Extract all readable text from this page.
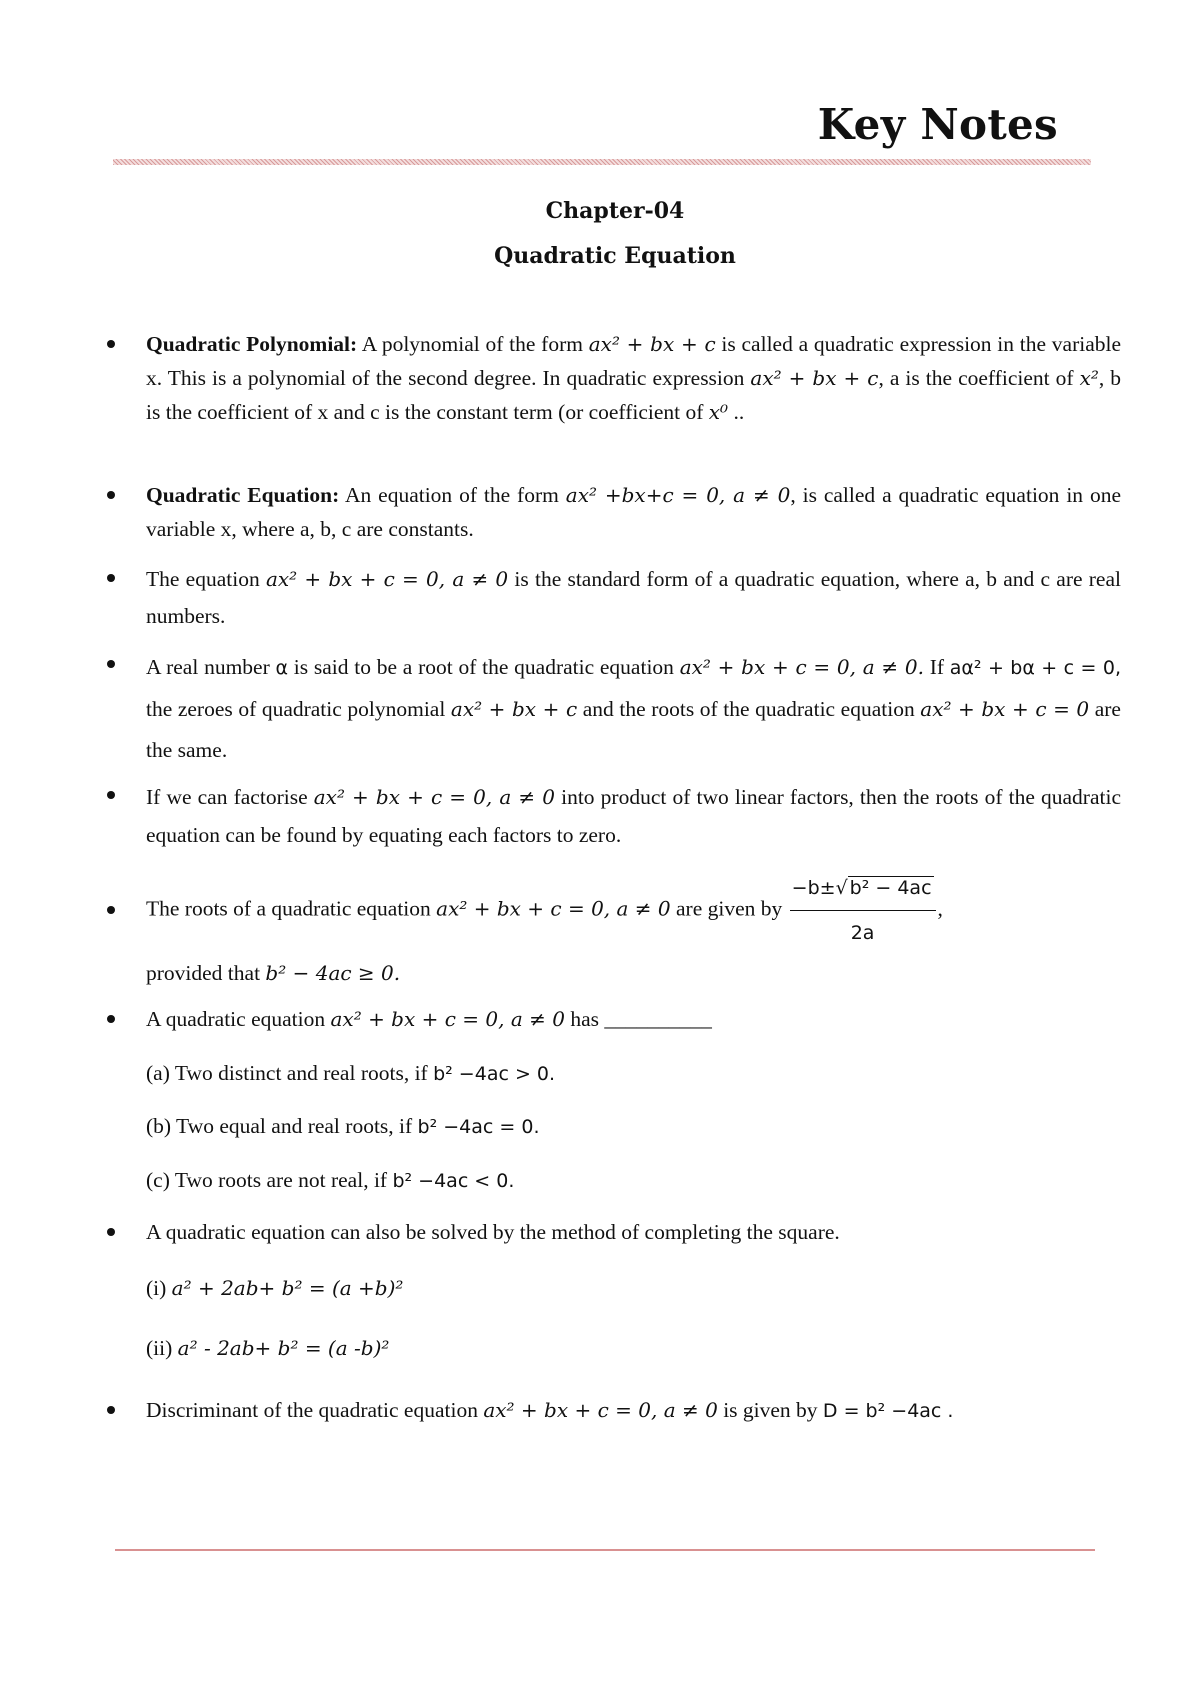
Key Notes
Chapter-04
Quadratic Equation
Quadratic Polynomial: A polynomial of the form ax² + bx + c is called a quadratic expression in the variable x. This is a polynomial of the second degree. In quadratic expression ax² + bx + c, a is the coefficient of x², b is the coefficient of x and c is the constant term (or coefficient of x⁰ ..
Quadratic Equation: An equation of the form ax² +bx+c = 0, a ≠ 0, is called a quadratic equation in one variable x, where a, b, c are constants.
The equation ax² + bx + c = 0, a ≠ 0 is the standard form of a quadratic equation, where a, b and c are real numbers.
A real number α is said to be a root of the quadratic equation ax² + bx + c = 0, a ≠ 0. If aα² + bα + c = 0, the zeroes of quadratic polynomial ax² + bx + c and the roots of the quadratic equation ax² + bx + c = 0 are the same.
If we can factorise ax² + bx + c = 0, a ≠ 0 into product of two linear factors, then the roots of the quadratic equation can be found by equating each factors to zero.
The roots of a quadratic equation ax² + bx + c = 0, a ≠ 0 are given by $\frac{\text{−b±√ b² − 4ac}}{2a}$ ,
provided that b² − 4ac ≥ 0.
A quadratic equation ax² + bx + c = 0, a ≠ 0 has __________
(a) Two distinct and real roots, if b² −4ac > 0.
(b) Two equal and real roots, if b² −4ac = 0.
(c) Two roots are not real, if b² −4ac < 0.
A quadratic equation can also be solved by the method of completing the square.
(i) a² + 2ab+ b² = (a +b)²
(ii) a² - 2ab+ b² = (a -b)²
Discriminant of the quadratic equation ax² + bx + c = 0, a ≠ 0 is given by D = b² −4ac .
